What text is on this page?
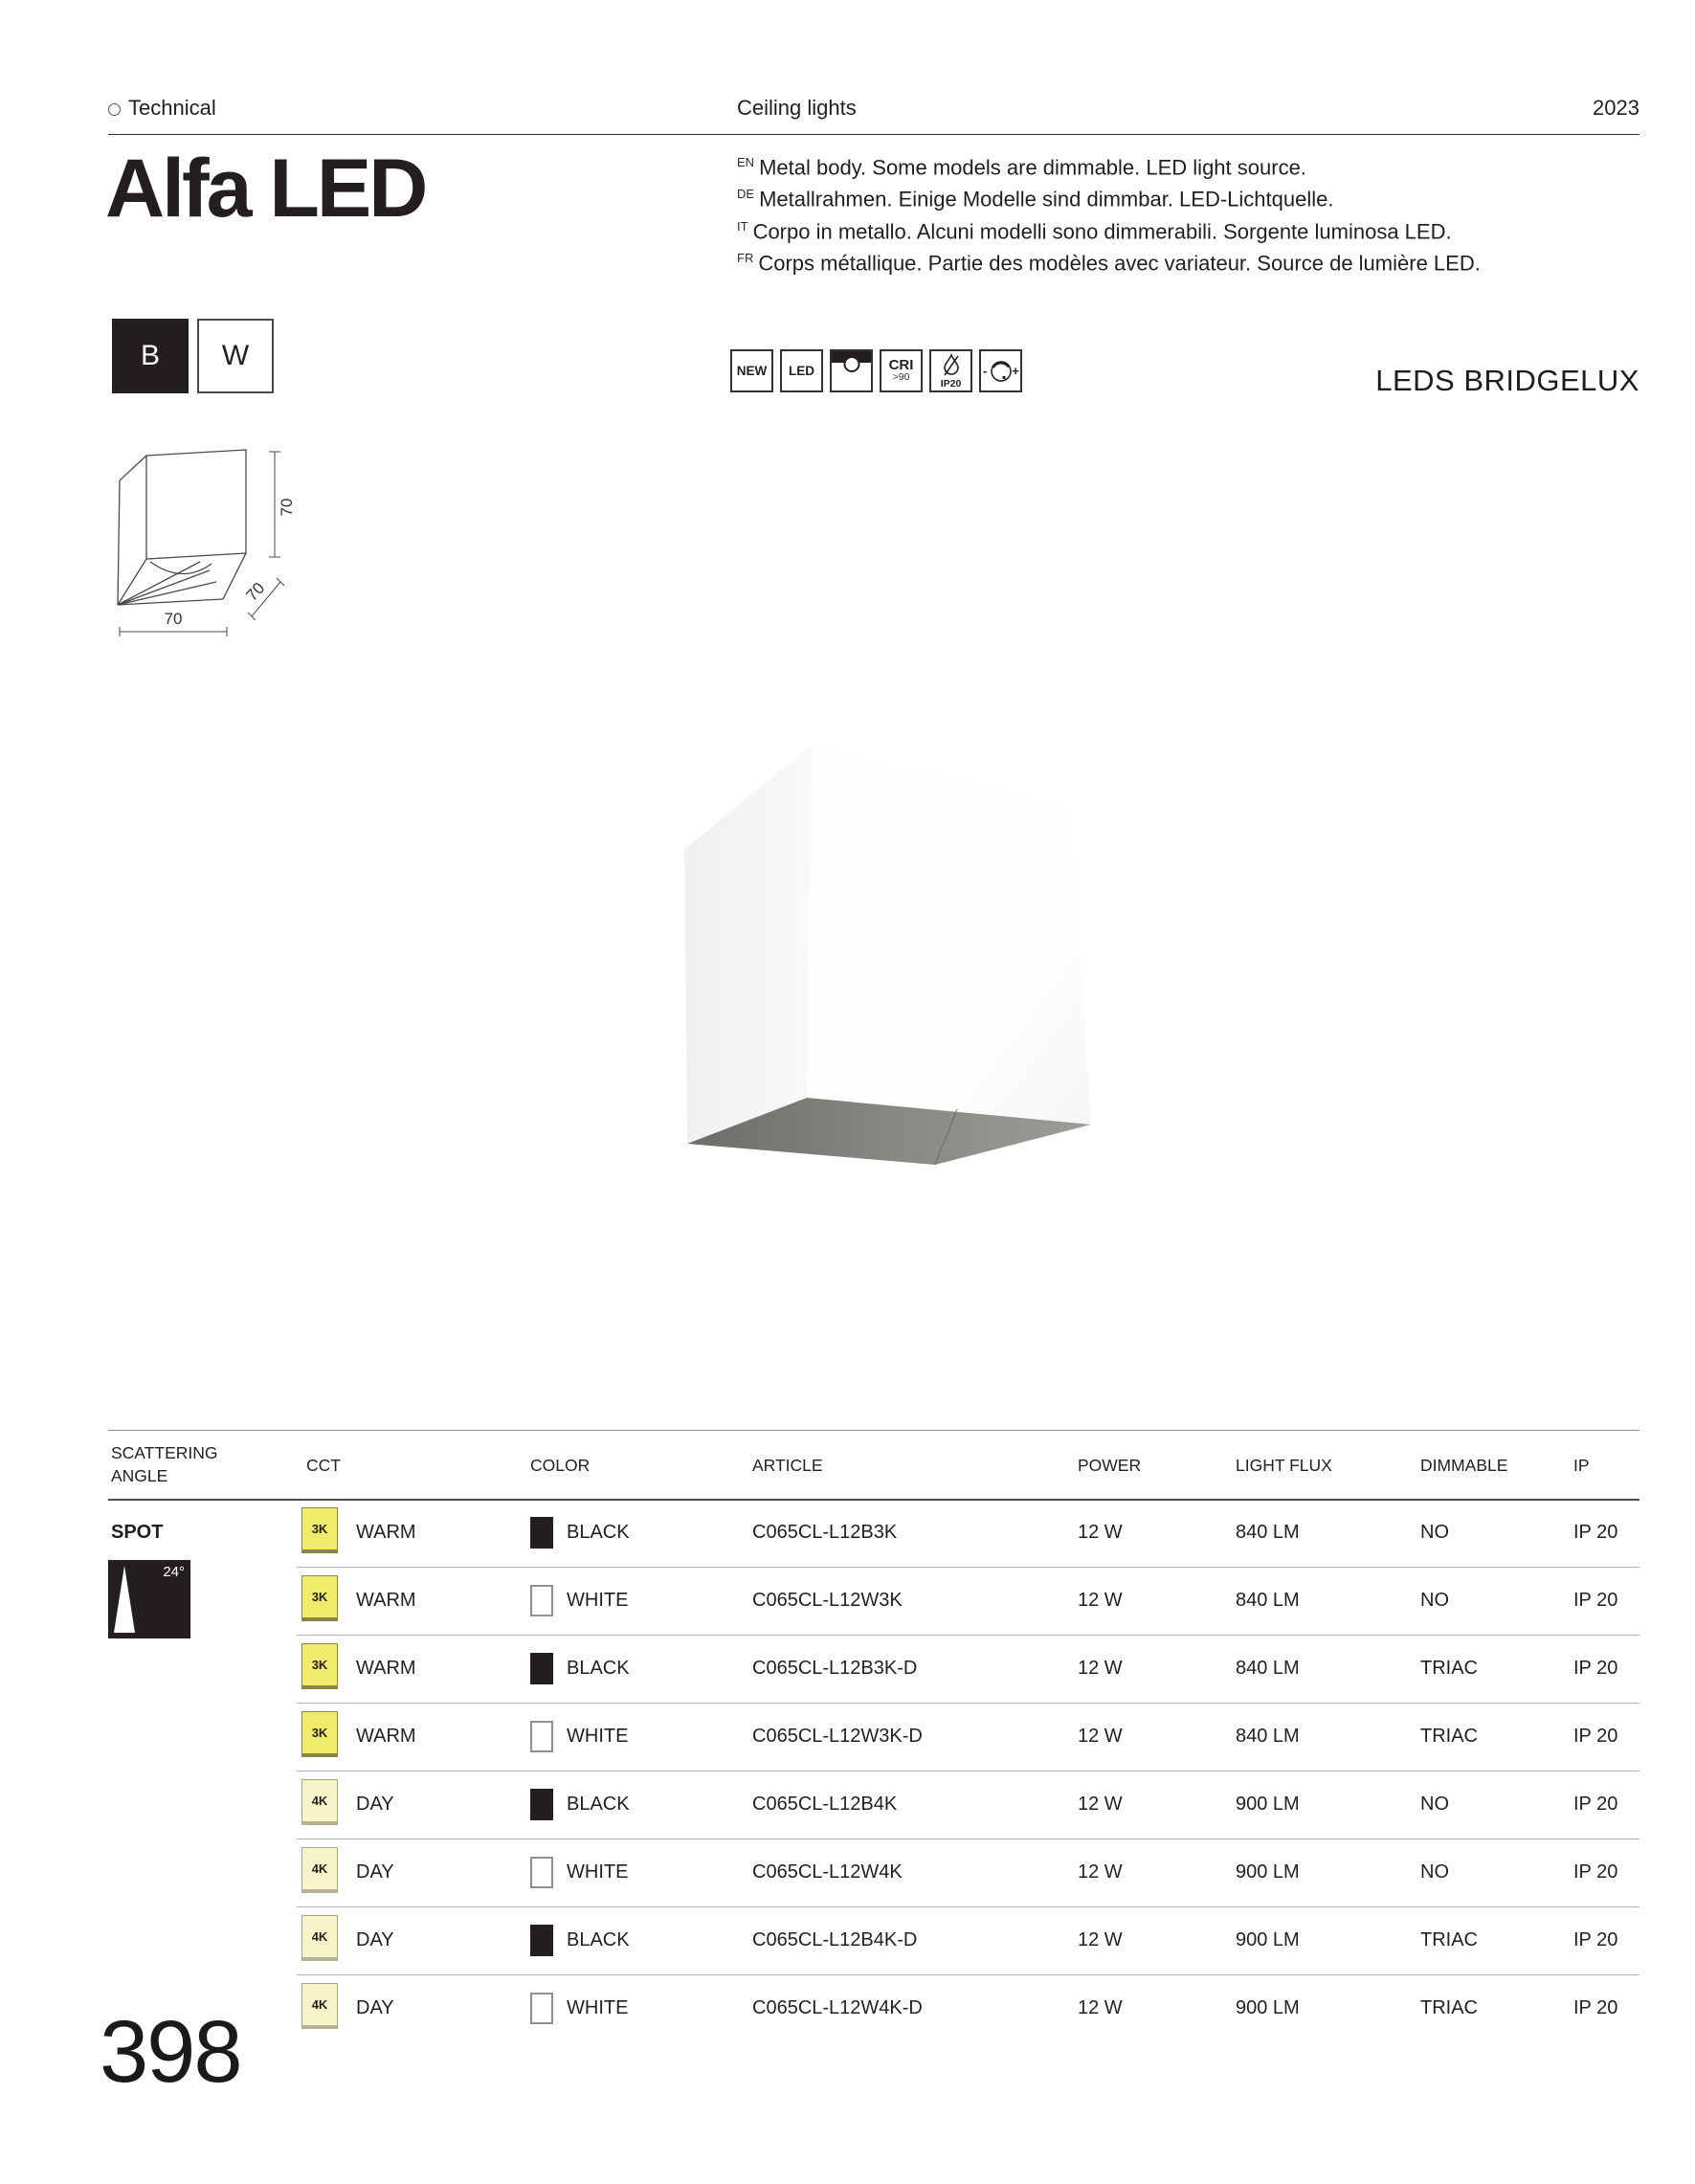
Technical	Ceiling lights	2023
Alfa LED	$^{EN}$ Metal body. Some models are dimmable. LED light source.
$^{DE}$ Metallrahmen. Einige Modelle sind dimmbar. LED-Lichtquelle.
$^{IT}$ Corpo in metallo. Alcuni modelli sono dimmerabili. Sorgente luminosa LED.
$^{FR}$ Corps métallique. Partie des modèles avec variateur. Source de lumière LED.
B	W	NEW LED	CRI
>90
IP20
- +	LEDS BRIDGELUX
70
70
70
SCATTERING
ANGLE
CCT	COLOR	ARTICLE	POWER	LIGHT FLUX	DIMMABLE	IP
SPOT
24°
3K	WARM	BLACK	C065CL-L12B3K	12 W	840 LM	NO	IP 20
3K	WARM	WHITE	C065CL-L12W3K	12 W	840 LM	NO	IP 20
3K	WARM	BLACK	C065CL-L12B3K-D	12 W	840 LM	TRIAC	IP 20
3K	WARM	WHITE	C065CL-L12W3K-D	12 W	840 LM	TRIAC	IP 20
4K	DAY	BLACK	C065CL-L12B4K	12 W	900 LM	NO	IP 20
4K	DAY	WHITE	C065CL-L12W4K	12 W	900 LM	NO	IP 20
4K	DAY	BLACK	C065CL-L12B4K-D	12 W	900 LM	TRIAC	IP 20
4K	DAY	WHITE	C065CL-L12W4K-D	12 W	900 LM	TRIAC	IP 20
398
